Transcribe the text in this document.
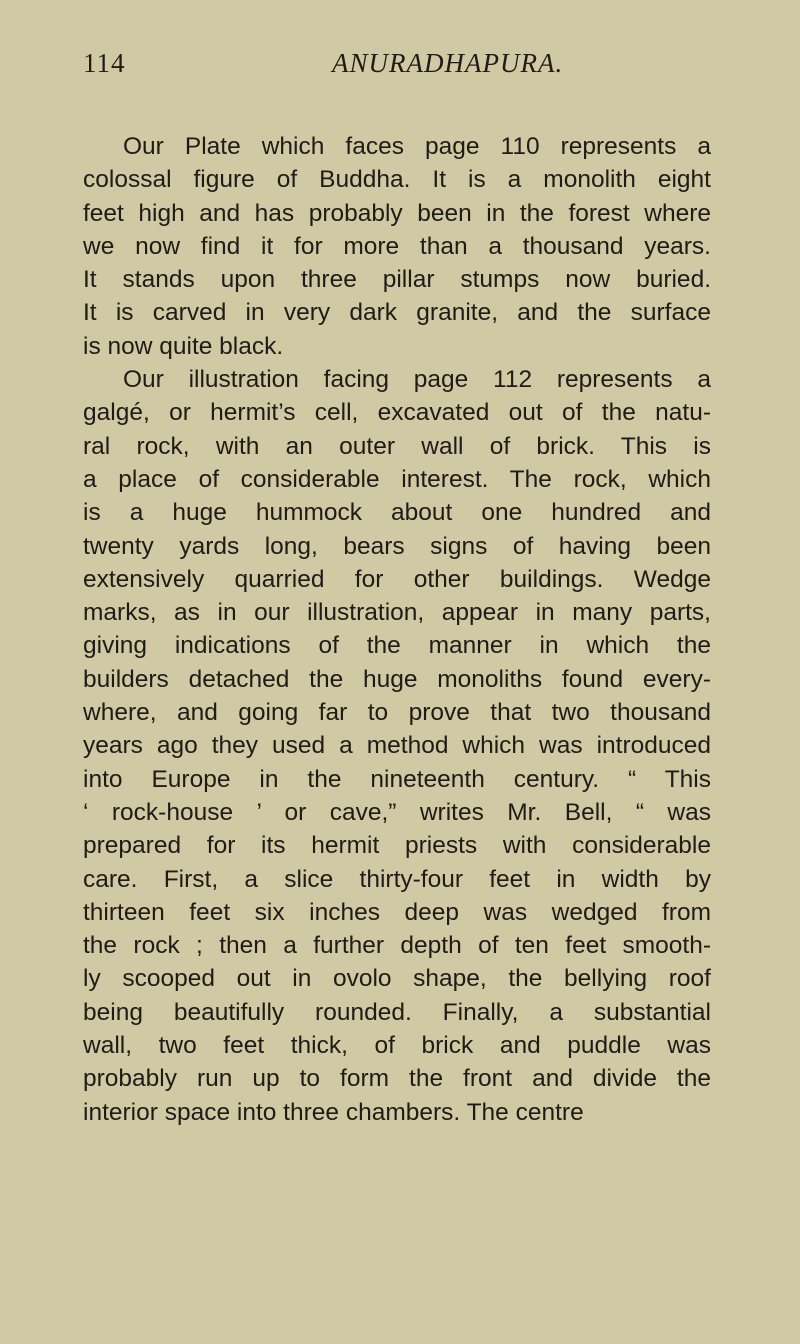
114	ANURADHAPURA.
Our Plate which faces page 110 represents a
colossal figure of Buddha. It is a monolith eight
feet high and has probably been in the forest where
we now find it for more than a thousand years.
It stands upon three pillar stumps now buried.
It is carved in very dark granite, and the surface
is now quite black.
Our illustration facing page 112 represents a
galgé, or hermit’s cell, excavated out of the natu-
ral rock, with an outer wall of brick. This is
a place of considerable interest. The rock, which
is a huge hummock about one hundred and
twenty yards long, bears signs of having been
extensively quarried for other buildings. Wedge
marks, as in our illustration, appear in many parts,
giving indications of the manner in which the
builders detached the huge monoliths found every-
where, and going far to prove that two thousand
years ago they used a method which was introduced
into Europe in the nineteenth century. “ This
‘ rock-house ’ or cave,” writes Mr. Bell, “ was
prepared for its hermit priests with considerable
care. First, a slice thirty-four feet in width by
thirteen feet six inches deep was wedged from
the rock ; then a further depth of ten feet smooth-
ly scooped out in ovolo shape, the bellying roof
being beautifully rounded. Finally, a substantial
wall, two feet thick, of brick and puddle was
probably run up to form the front and divide the
interior space into three chambers. The centre
